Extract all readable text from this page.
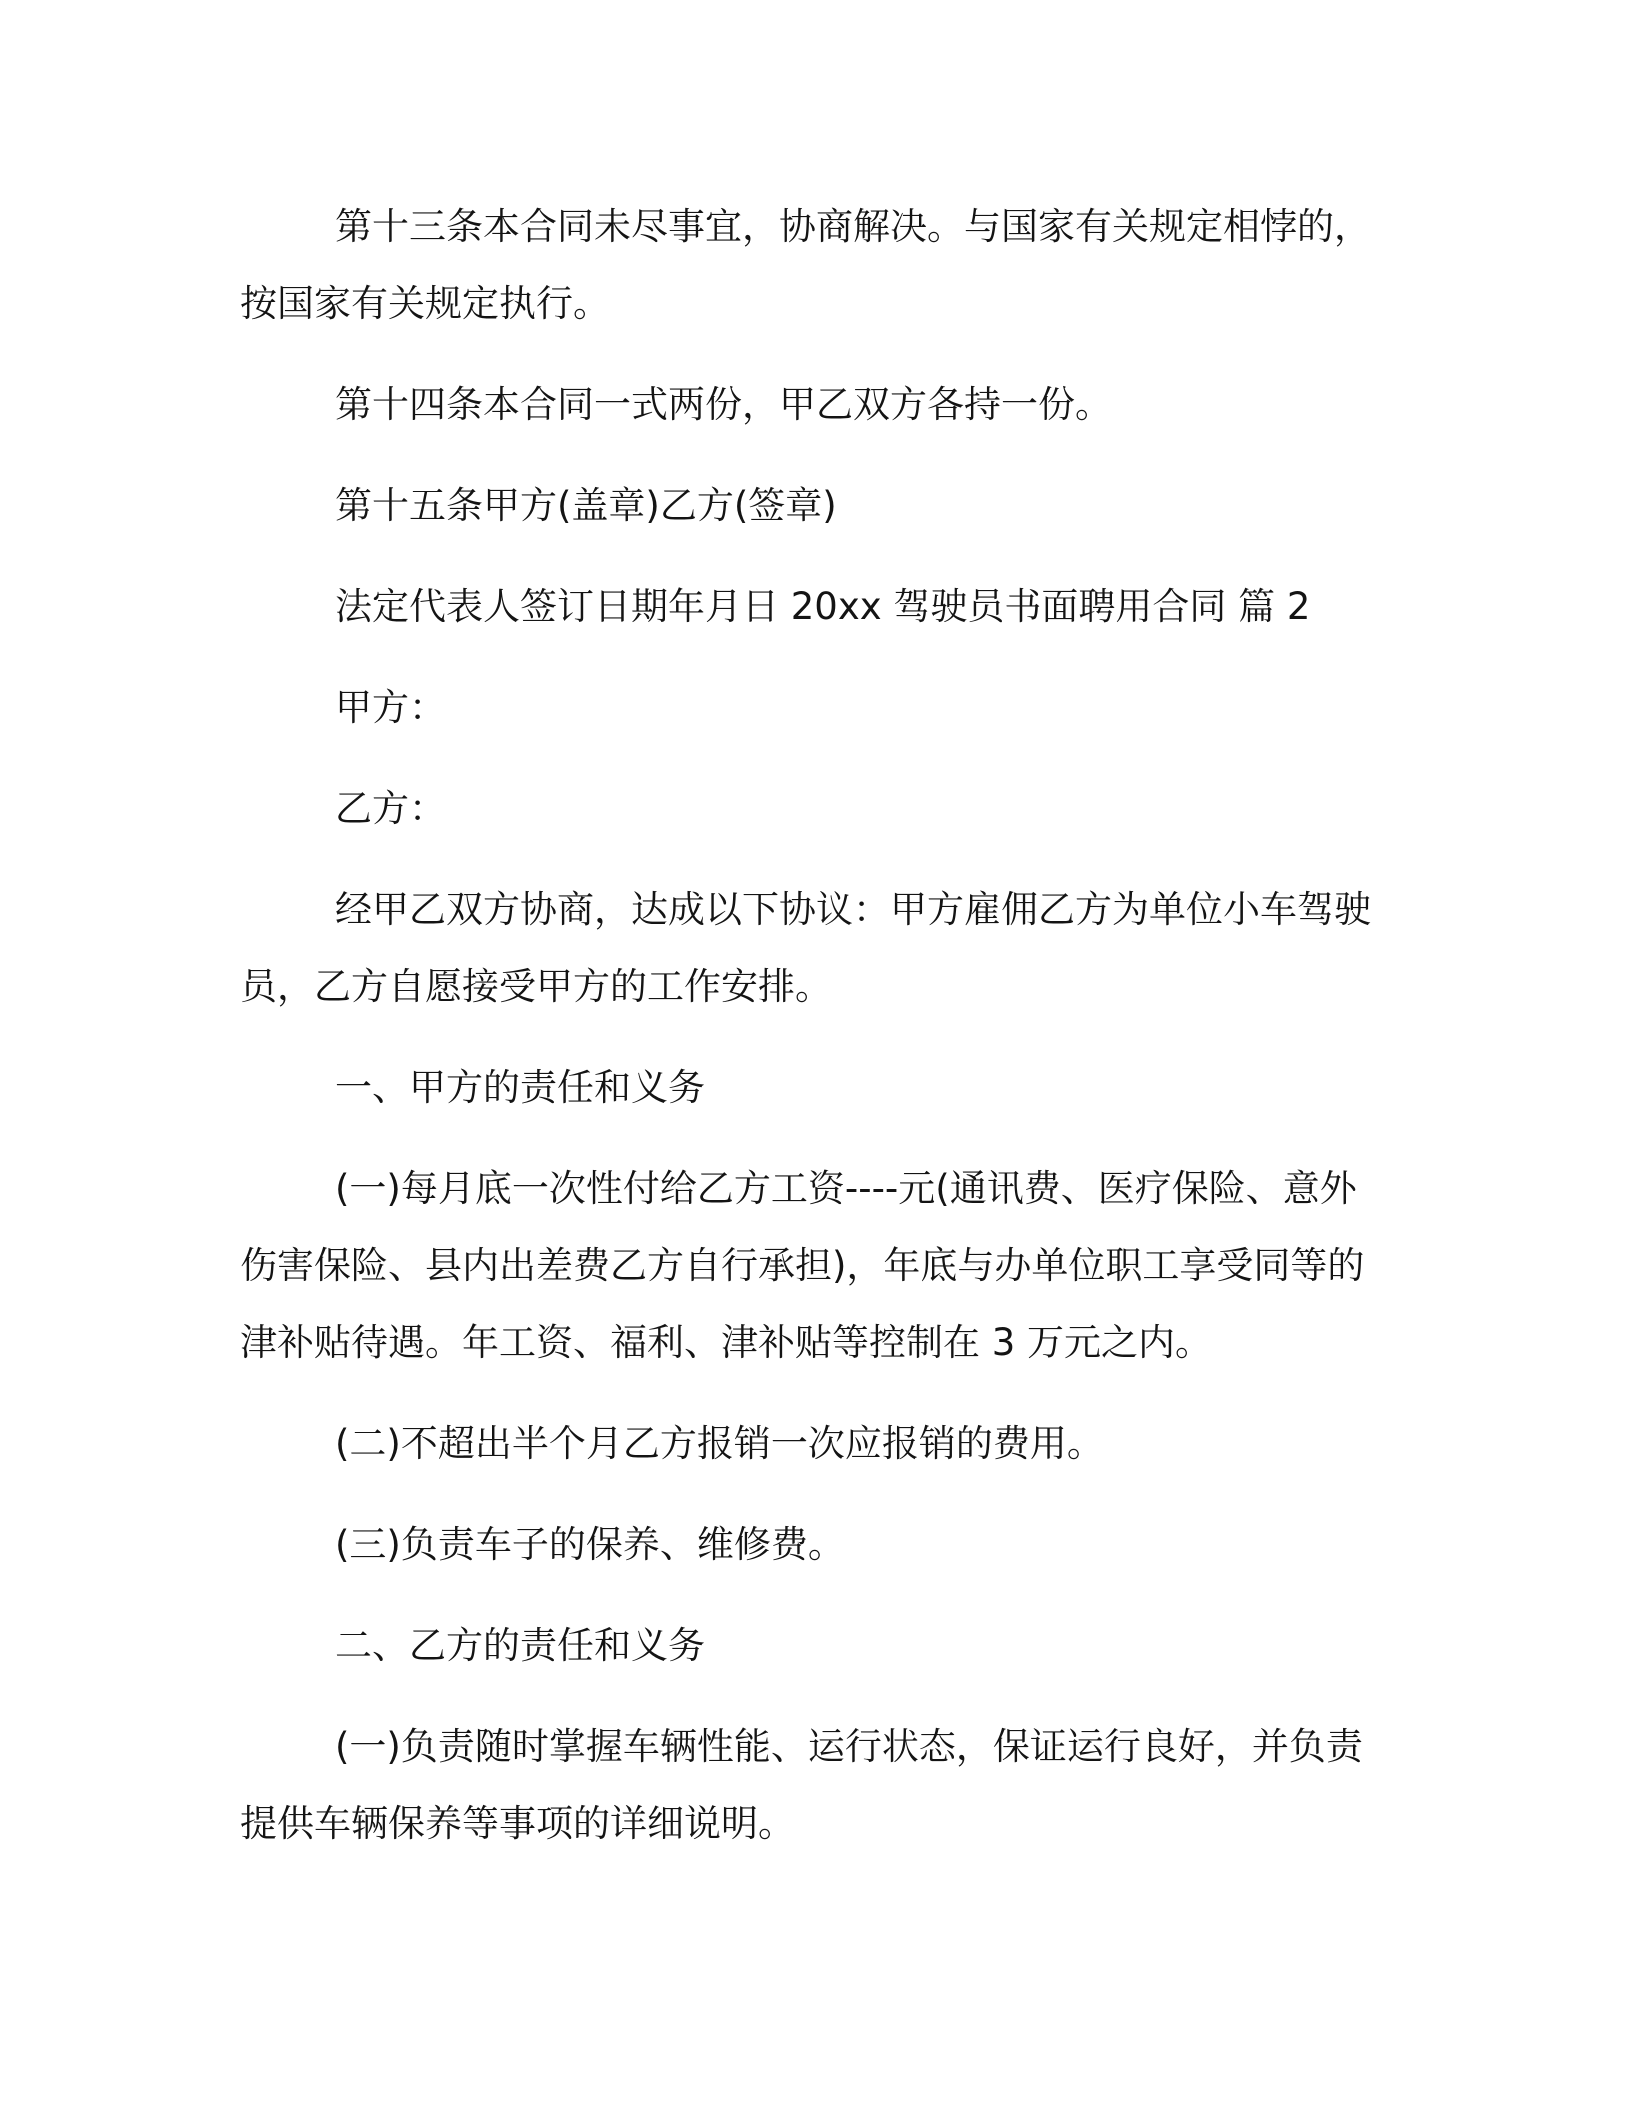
第十三条本合同未尽事宜，协商解决。与国家有关规定相悖的，按国家有关规定执行。

第十四条本合同一式两份，甲乙双方各持一份。

第十五条甲方(盖章)乙方(签章)

法定代表人签订日期年月日 20xx 驾驶员书面聘用合同 篇 2

甲方：

乙方：

经甲乙双方协商，达成以下协议：甲方雇佣乙方为单位小车驾驶员，乙方自愿接受甲方的工作安排。

一、甲方的责任和义务

(一)每月底一次性付给乙方工资----元(通讯费、医疗保险、意外伤害保险、县内出差费乙方自行承担)，年底与办单位职工享受同等的津补贴待遇。年工资、福利、津补贴等控制在 3 万元之内。

(二)不超出半个月乙方报销一次应报销的费用。

(三)负责车子的保养、维修费。

二、乙方的责任和义务

(一)负责随时掌握车辆性能、运行状态，保证运行良好，并负责提供车辆保养等事项的详细说明。
